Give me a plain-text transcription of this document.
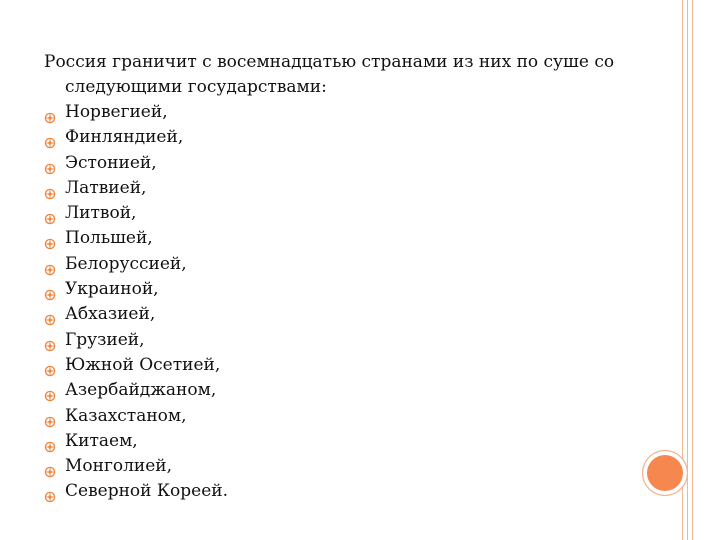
Россия граничит с восемнадцатью странами из них по суше со следующими государствами:

Норвегией,
Финляндией,
Эстонией,
Латвией,
Литвой,
Польшей,
Белоруссией,
Украиной,
Абхазией,
Грузией,
Южной Осетией,
Азербайджаном,
Казахстаном,
Китаем,
Монголией,
Северной Кореей.
